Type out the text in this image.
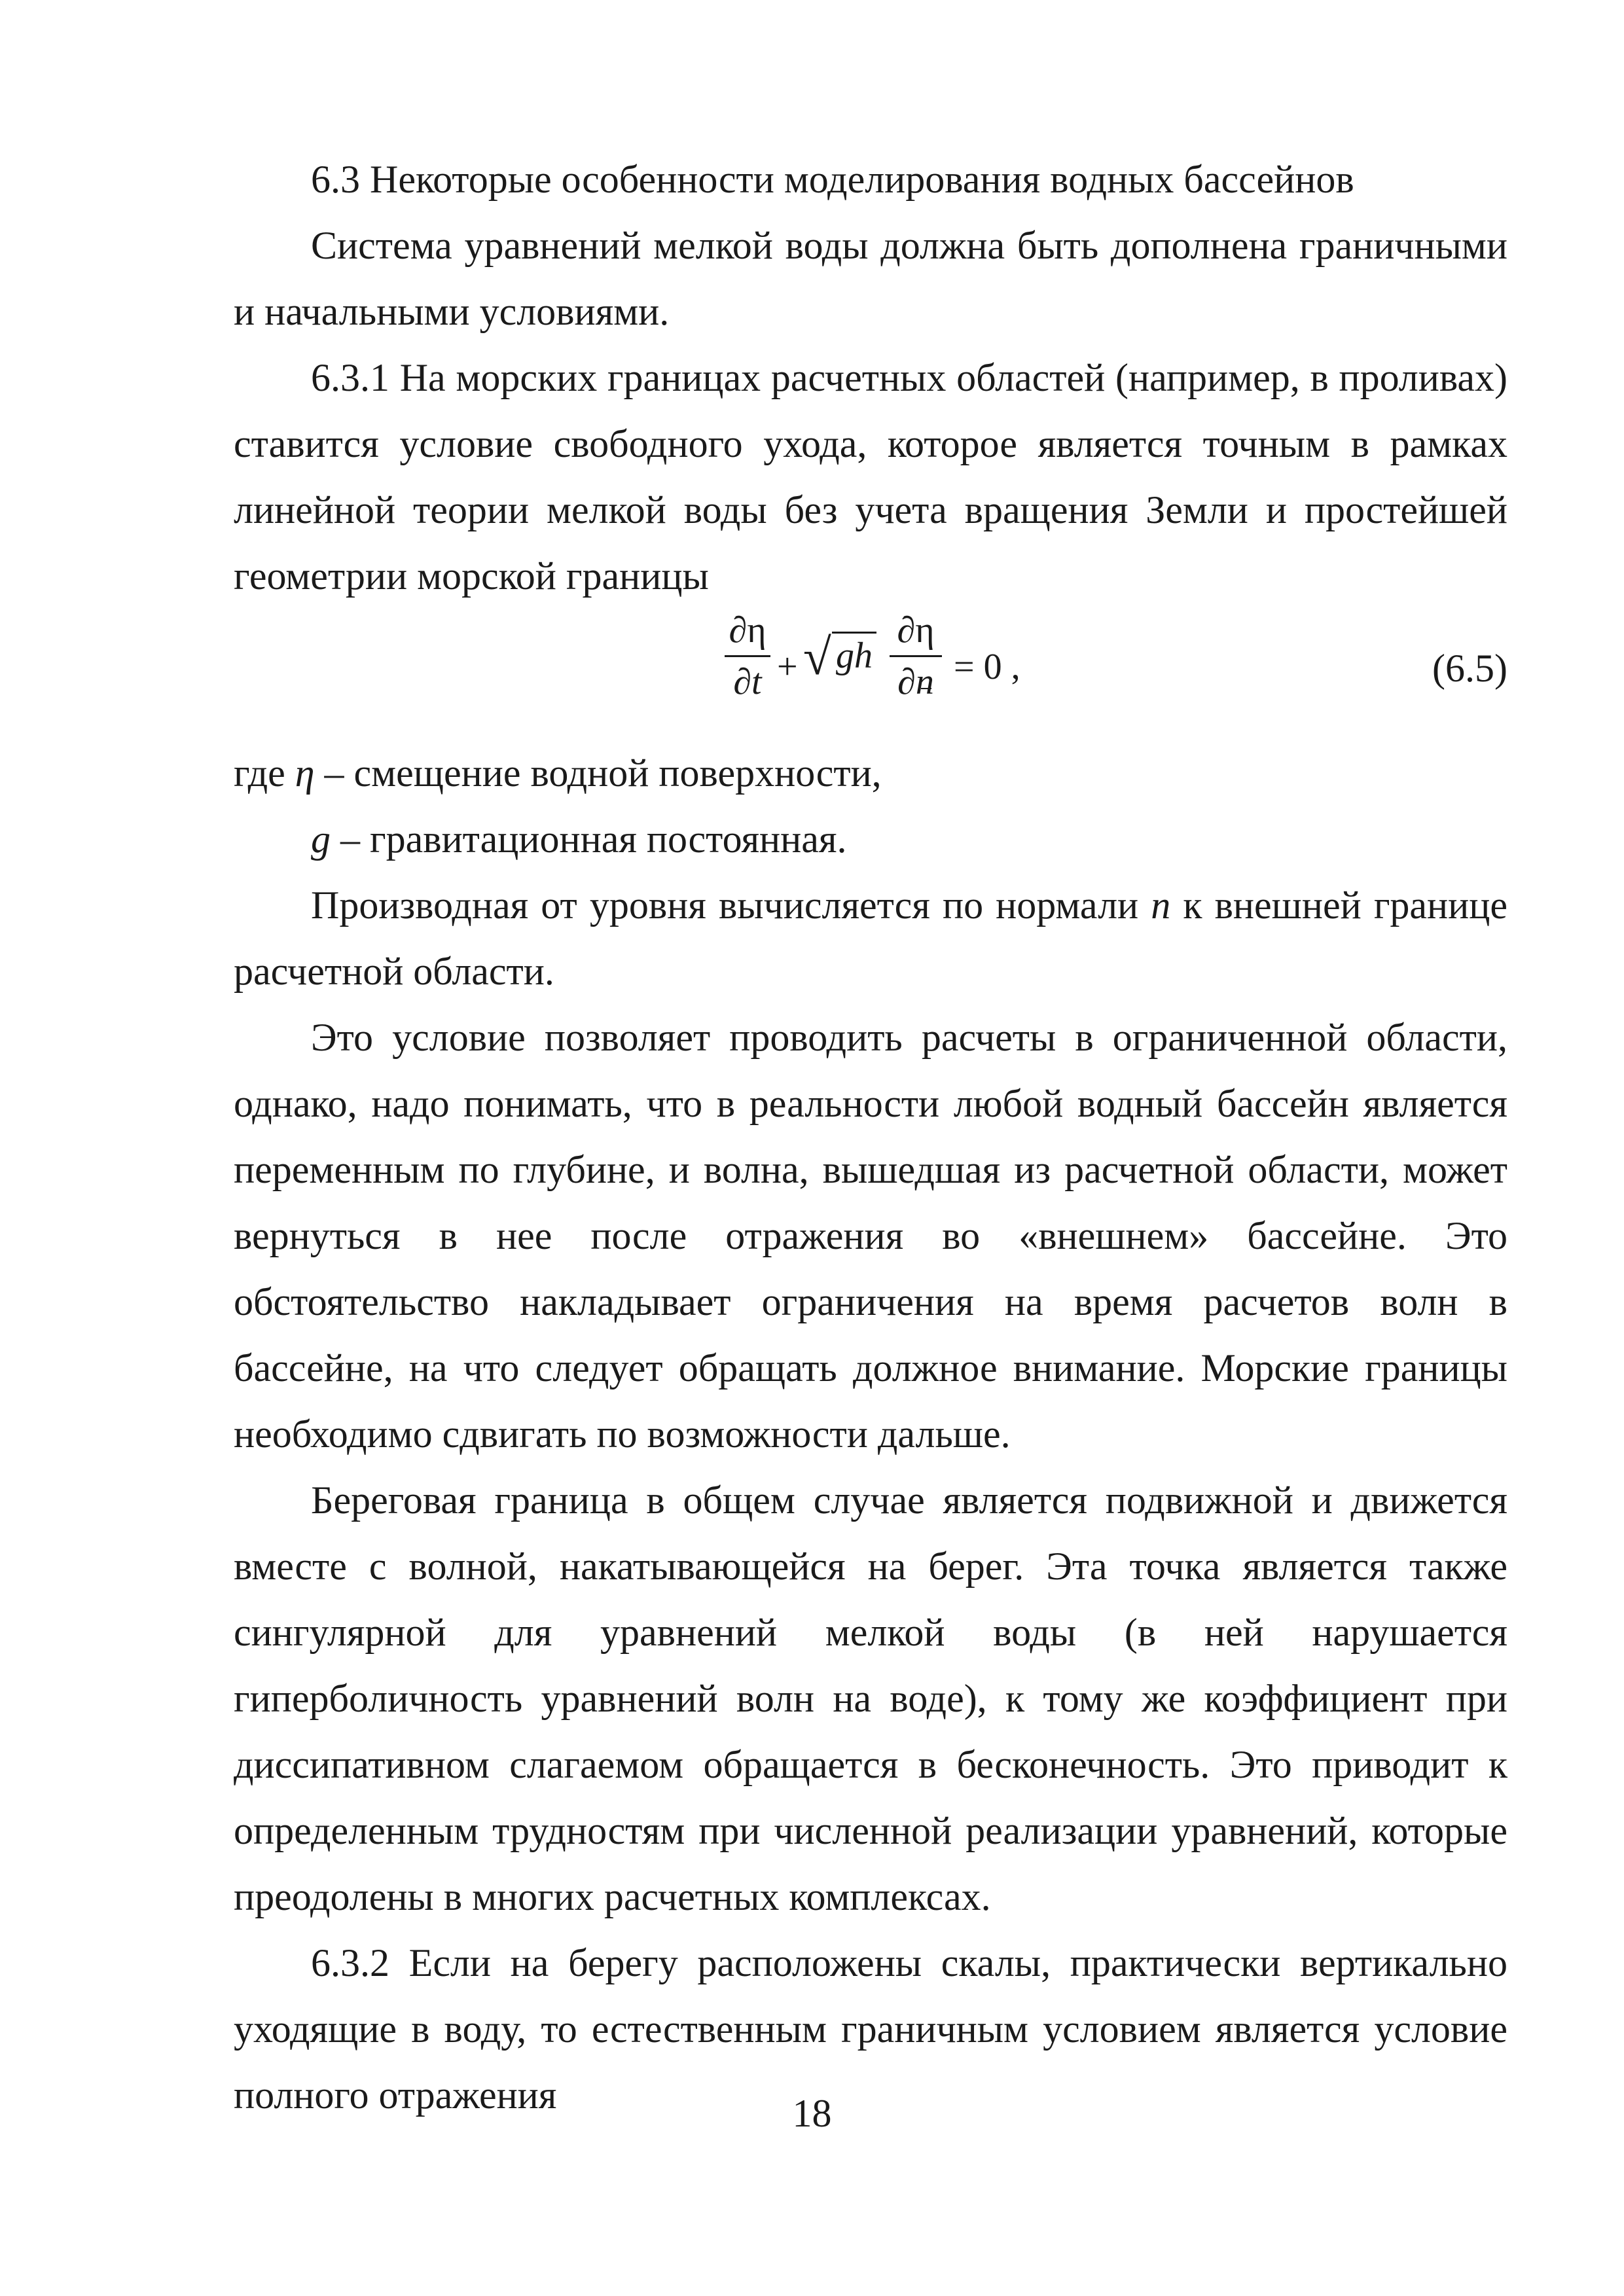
6.3 Некоторые особенности моделирования водных бассейнов

Система уравнений мелкой воды должна быть дополнена граничными и начальными условиями.

6.3.1 На морских границах расчетных областей (например, в проливах) ставится условие свободного ухода, которое является точным в рамках линейной теории мелкой воды без учета вращения Земли и простейшей геометрии морской границы

∂η
∂t + √ gh
∂η
∂n = 0 ,	(6.5)

где η – смещение водной поверхности,

g – гравитационная постоянная.

Производная от уровня вычисляется по нормали n к внешней границе расчетной области.

Это условие позволяет проводить расчеты в ограниченной области, однако, надо понимать, что в реальности любой водный бассейн является переменным по глубине, и волна, вышедшая из расчетной области, может вернуться в нее после отражения во «внешнем» бассейне. Это обстоятельство накладывает ограничения на время расчетов волн в бассейне, на что следует обращать должное внимание. Морские границы необходимо сдвигать по возможности дальше.

Береговая граница в общем случае является подвижной и движется вместе с волной, накатывающейся на берег. Эта точка является также сингулярной для уравнений мелкой воды (в ней нарушается гиперболичность уравнений волн на воде), к тому же коэффициент при диссипативном слагаемом обращается в бесконечность. Это приводит к определенным трудностям при численной реализации уравнений, которые преодолены в многих расчетных комплексах.

6.3.2 Если на берегу расположены скалы, практически вертикально уходящие в воду, то естественным граничным условием является условие полного отражения	18
